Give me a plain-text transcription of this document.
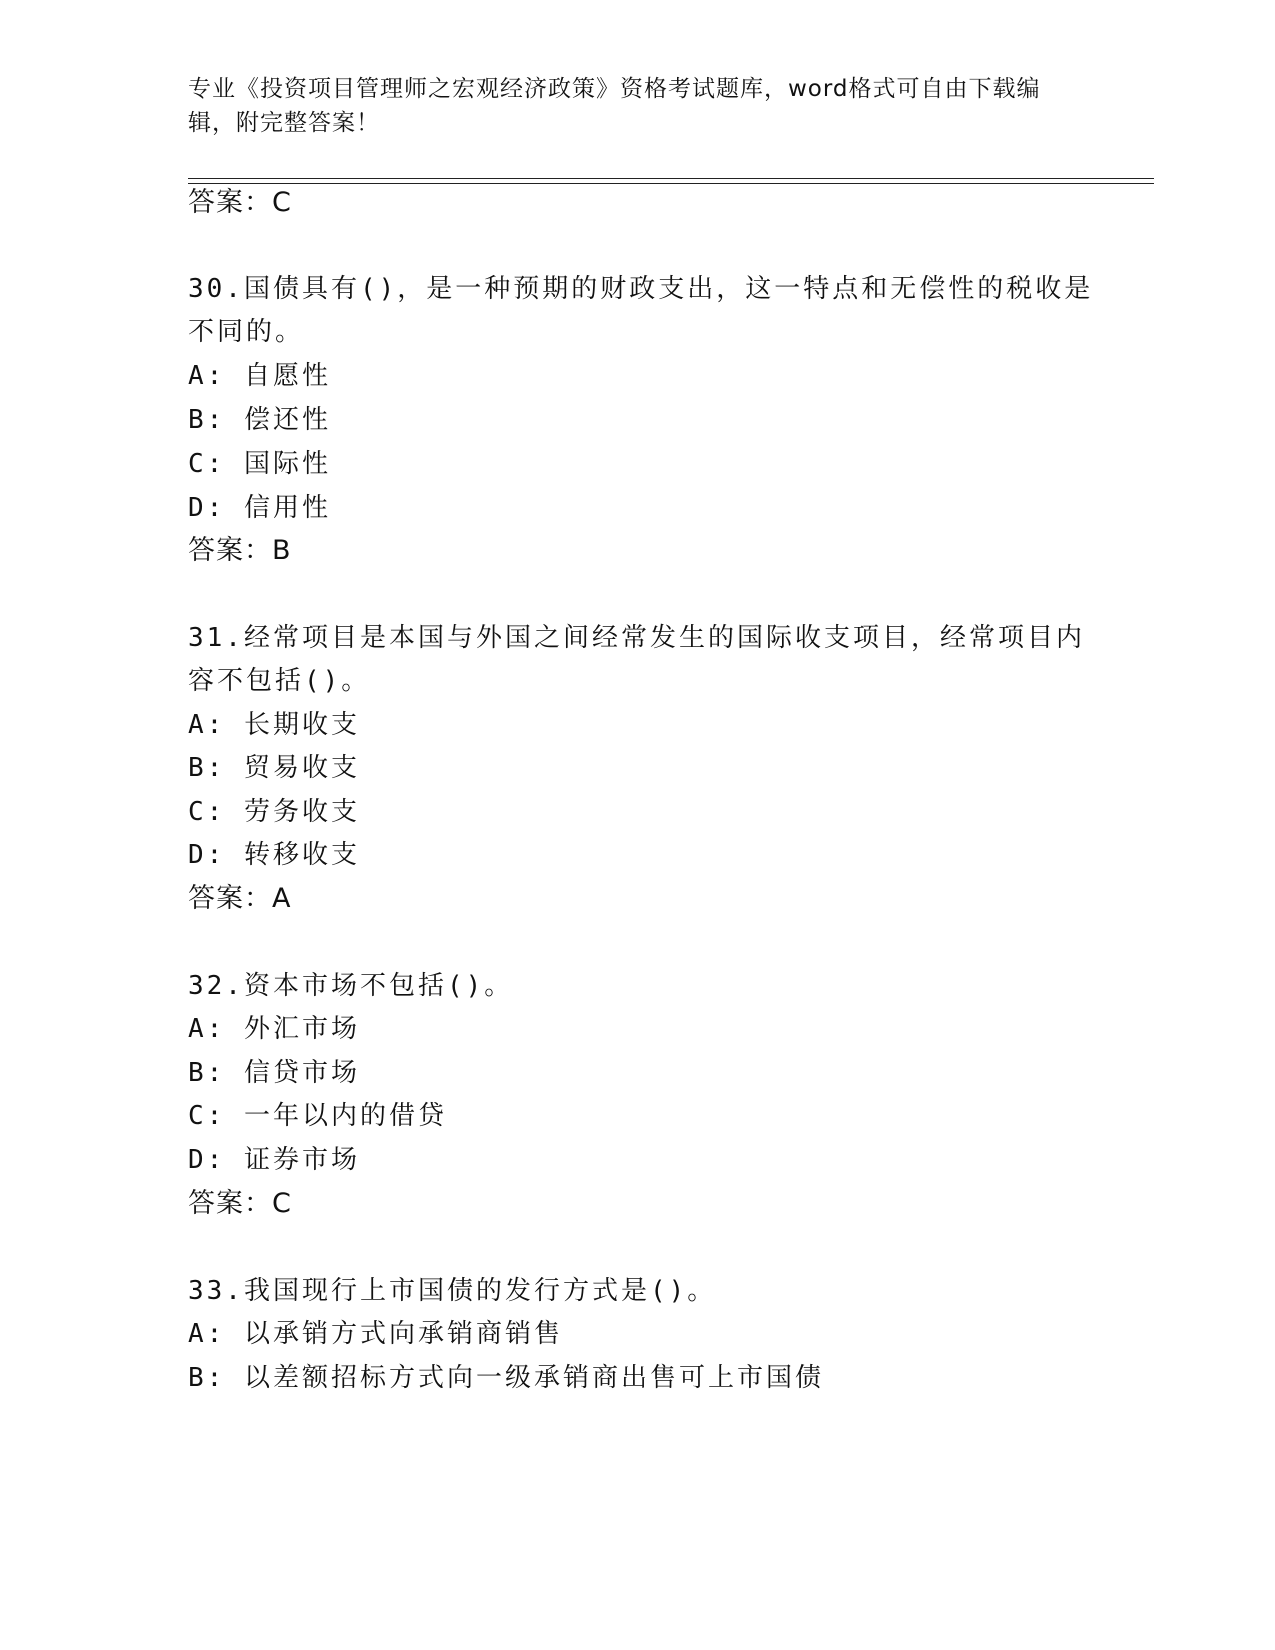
专业《投资项目管理师之宏观经济政策》资格考试题库，word格式可自由下载编
辑，附完整答案！
答案：C
30.国债具有()，是一种预期的财政支出，这一特点和无偿性的税收是
不同的。
A: 自愿性
B: 偿还性
C: 国际性
D: 信用性
答案：B
31.经常项目是本国与外国之间经常发生的国际收支项目，经常项目内
容不包括()。
A: 长期收支
B: 贸易收支
C: 劳务收支
D: 转移收支
答案：A
32.资本市场不包括()。
A: 外汇市场
B: 信贷市场
C: 一年以内的借贷
D: 证券市场
答案：C
33.我国现行上市国债的发行方式是()。
A: 以承销方式向承销商销售
B: 以差额招标方式向一级承销商出售可上市国债
